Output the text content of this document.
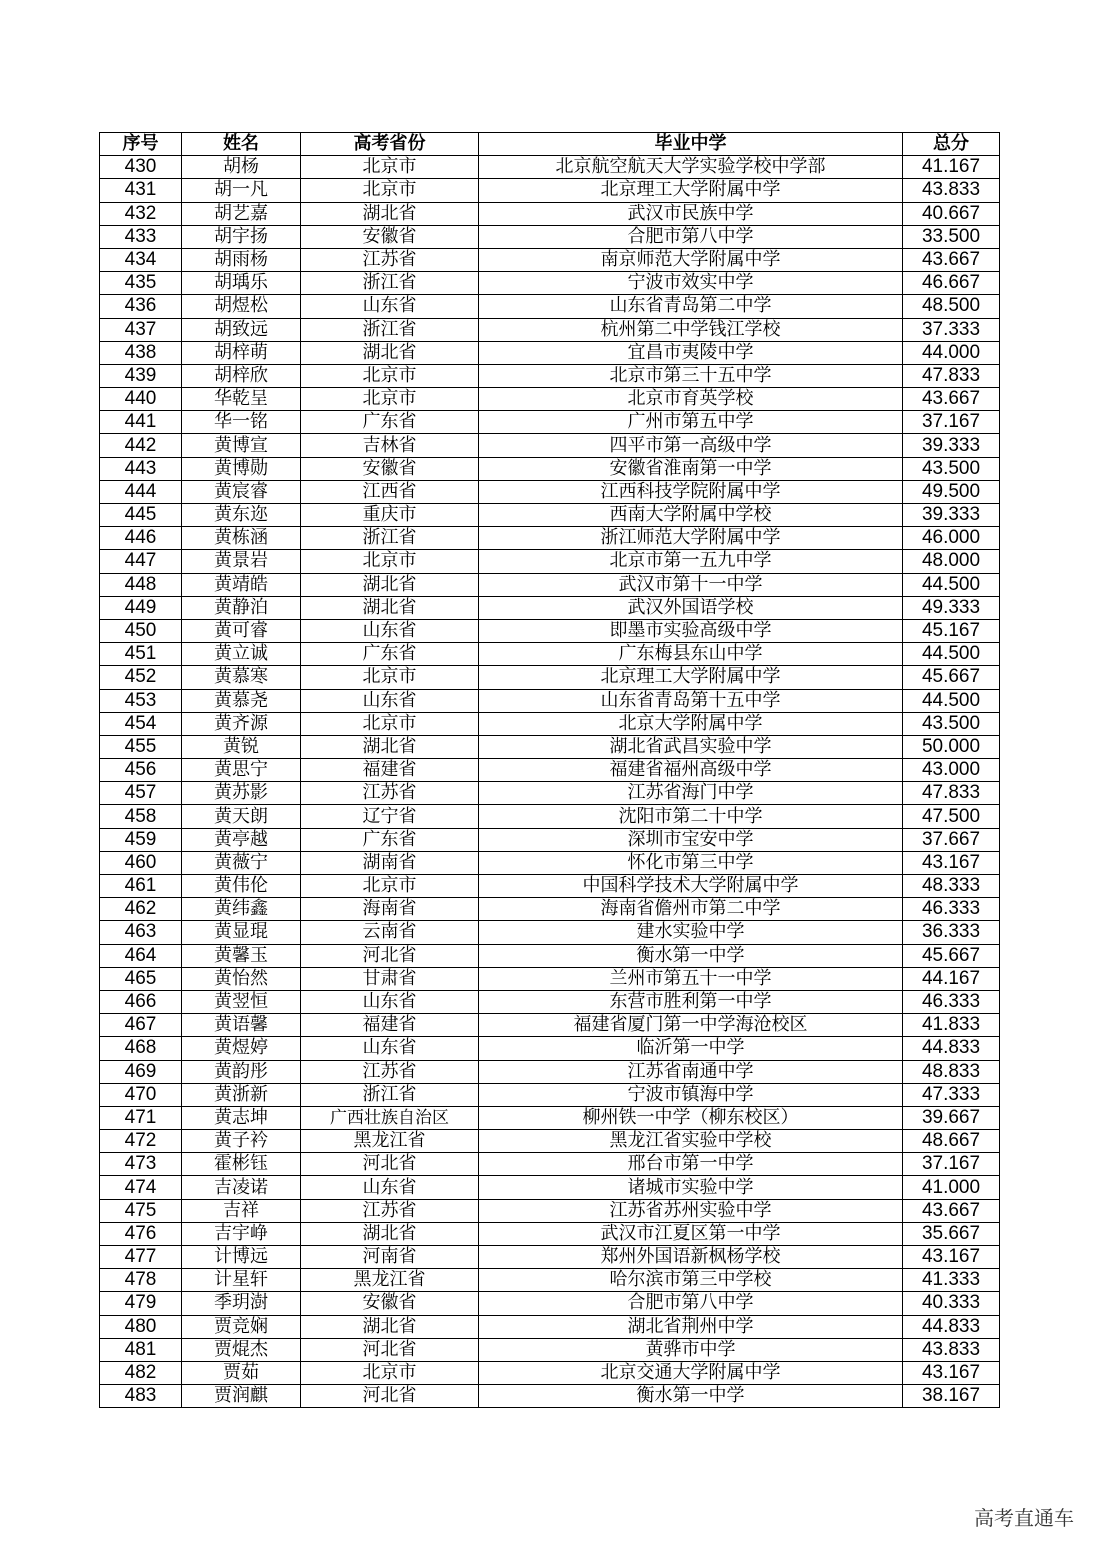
序号	姓名	高考省份	毕业中学	总分
430	胡杨	北京市	北京航空航天大学实验学校中学部	41.167
431	胡一凡	北京市	北京理工大学附属中学	43.833
432	胡艺嘉	湖北省	武汉市民族中学	40.667
433	胡宇扬	安徽省	合肥市第八中学	33.500
434	胡雨杨	江苏省	南京师范大学附属中学	43.667
435	胡瑀乐	浙江省	宁波市效实中学	46.667
436	胡煜松	山东省	山东省青岛第二中学	48.500
437	胡致远	浙江省	杭州第二中学钱江学校	37.333
438	胡梓萌	湖北省	宜昌市夷陵中学	44.000
439	胡梓欣	北京市	北京市第三十五中学	47.833
440	华乾呈	北京市	北京市育英学校	43.667
441	华一铭	广东省	广州市第五中学	37.167
442	黄博宣	吉林省	四平市第一高级中学	39.333
443	黄博勋	安徽省	安徽省淮南第一中学	43.500
444	黄宸睿	江西省	江西科技学院附属中学	49.500
445	黄东迩	重庆市	西南大学附属中学校	39.333
446	黄栋涵	浙江省	浙江师范大学附属中学	46.000
447	黄景岩	北京市	北京市第一五九中学	48.000
448	黄靖皓	湖北省	武汉市第十一中学	44.500
449	黄静泊	湖北省	武汉外国语学校	49.333
450	黄可睿	山东省	即墨市实验高级中学	45.167
451	黄立诚	广东省	广东梅县东山中学	44.500
452	黄慕寒	北京市	北京理工大学附属中学	45.667
453	黄慕尧	山东省	山东省青岛第十五中学	44.500
454	黄齐源	北京市	北京大学附属中学	43.500
455	黄锐	湖北省	湖北省武昌实验中学	50.000
456	黄思宁	福建省	福建省福州高级中学	43.000
457	黄苏影	江苏省	江苏省海门中学	47.833
458	黄天朗	辽宁省	沈阳市第二十中学	47.500
459	黄亭越	广东省	深圳市宝安中学	37.667
460	黄薇宁	湖南省	怀化市第三中学	43.167
461	黄伟伦	北京市	中国科学技术大学附属中学	48.333
462	黄纬鑫	海南省	海南省儋州市第二中学	46.333
463	黄显琨	云南省	建水实验中学	36.333
464	黄馨玉	河北省	衡水第一中学	45.667
465	黄怡然	甘肃省	兰州市第五十一中学	44.167
466	黄翌恒	山东省	东营市胜利第一中学	46.333
467	黄语馨	福建省	福建省厦门第一中学海沧校区	41.833
468	黄煜婷	山东省	临沂第一中学	44.833
469	黄韵彤	江苏省	江苏省南通中学	48.833
470	黄浙新	浙江省	宁波市镇海中学	47.333
471	黄志坤	广西壮族自治区	柳州铁一中学（柳东校区）	39.667
472	黄子衿	黑龙江省	黑龙江省实验中学校	48.667
473	霍彬钰	河北省	邢台市第一中学	37.167
474	吉凌诺	山东省	诸城市实验中学	41.000
475	吉祥	江苏省	江苏省苏州实验中学	43.667
476	吉宇峥	湖北省	武汉市江夏区第一中学	35.667
477	计博远	河南省	郑州外国语新枫杨学校	43.167
478	计星轩	黑龙江省	哈尔滨市第三中学校	41.333
479	季玥澍	安徽省	合肥市第八中学	40.333
480	贾竞娴	湖北省	湖北省荆州中学	44.833
481	贾焜杰	河北省	黄骅市中学	43.833
482	贾茹	北京市	北京交通大学附属中学	43.167
483	贾润麒	河北省	衡水第一中学	38.167
高考直通车
